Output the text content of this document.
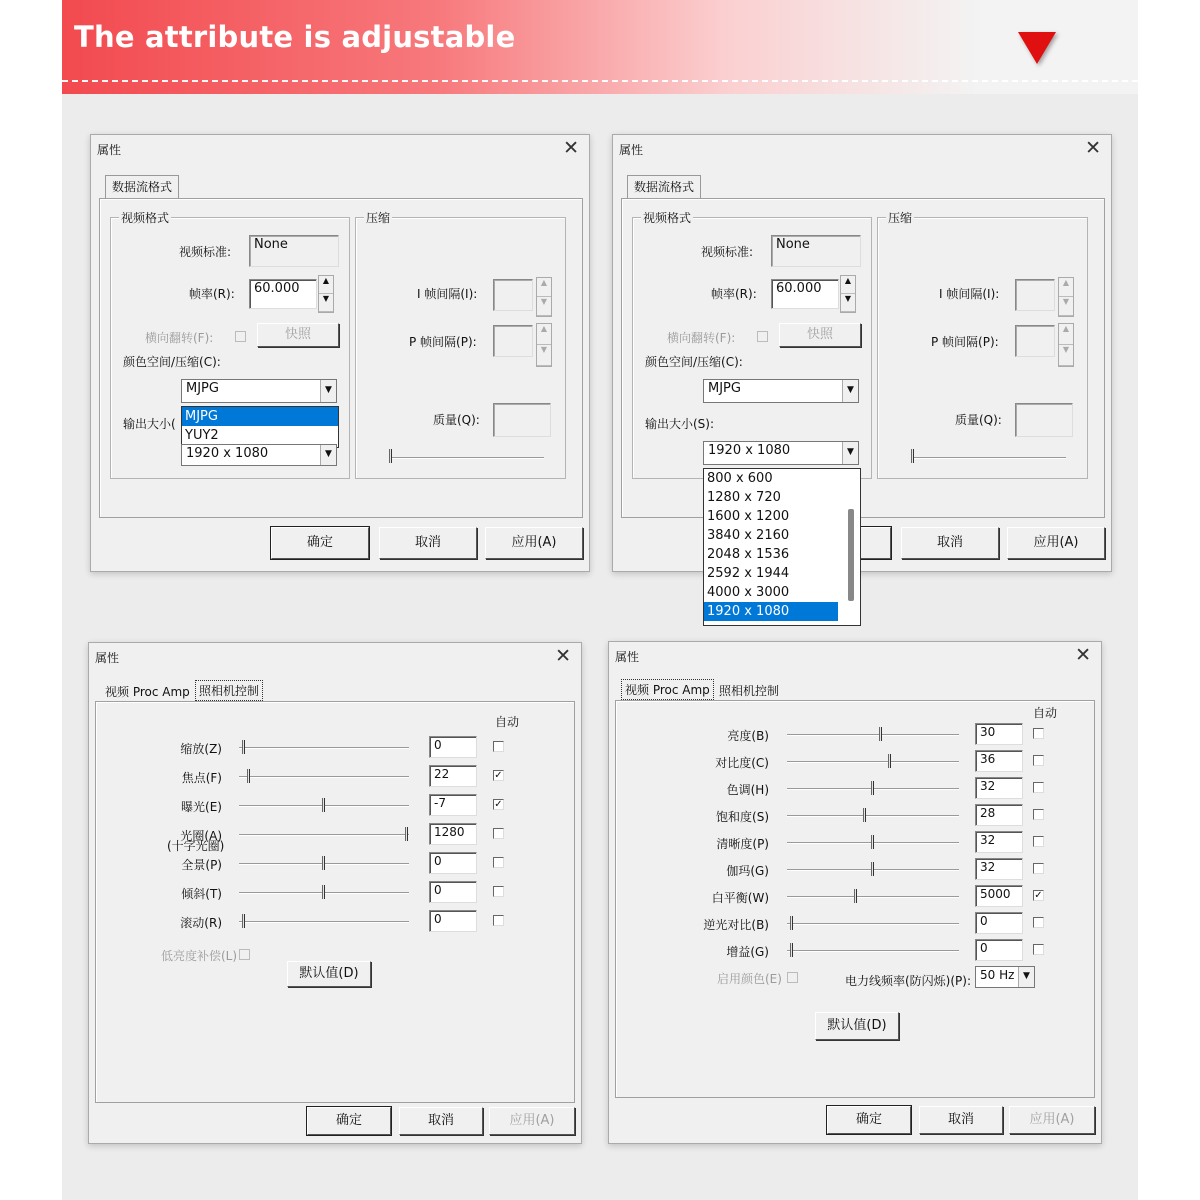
The attribute is adjustable
属性	✕
数据流格式
视频格式	压缩
视频标准:	None
帧率(R):	60.000
▲
▼
横向翻转(F):	快照
颜色空间/压缩(C):
MJPG	▼
MJPG
YUY2
输出大小(
1920 x 1080	▼
I 帧间隔(I):
▲
▼
P 帧间隔(P):
▲
▼
质量(Q):
确定	取消	应用(A)
属性	✕
数据流格式
视频格式	压缩
视频标准:	None
帧率(R):	60.000
▲
▼
横向翻转(F):	快照
颜色空间/压缩(C):
MJPG	▼
输出大小(S):
1920 x 1080	▼
I 帧间隔(I):
▲
▼
P 帧间隔(P):
▲
▼
质量(Q):
取消	应用(A)
800 x 600
1280 x 720
1600 x 1200
3840 x 2160
2048 x 1536
2592 x 1944
4000 x 3000
1920 x 1080
属性	✕
视频 Proc Amp 照相机控制
自动
缩放(Z)	0
焦点(F)	22	✓
曝光(E)	-7	✓
光圈(A)	1280
全景(P)	0
倾斜(T)	0
滚动(R)	0
(十字光圈)
低亮度补偿(L)
默认值(D)
确定	取消	应用(A)
属性	✕
视频 Proc Amp 照相机控制
自动
亮度(B)	30
对比度(C)	36
色调(H)	32
饱和度(S)	28
清晰度(P)	32
伽玛(G)	32
白平衡(W)	5000	✓
逆光对比(B)	0
增益(G)	0
启用颜色(E)	电力线频率(防闪烁)(P): 50 Hz ▼
默认值(D)
确定	取消	应用(A)
